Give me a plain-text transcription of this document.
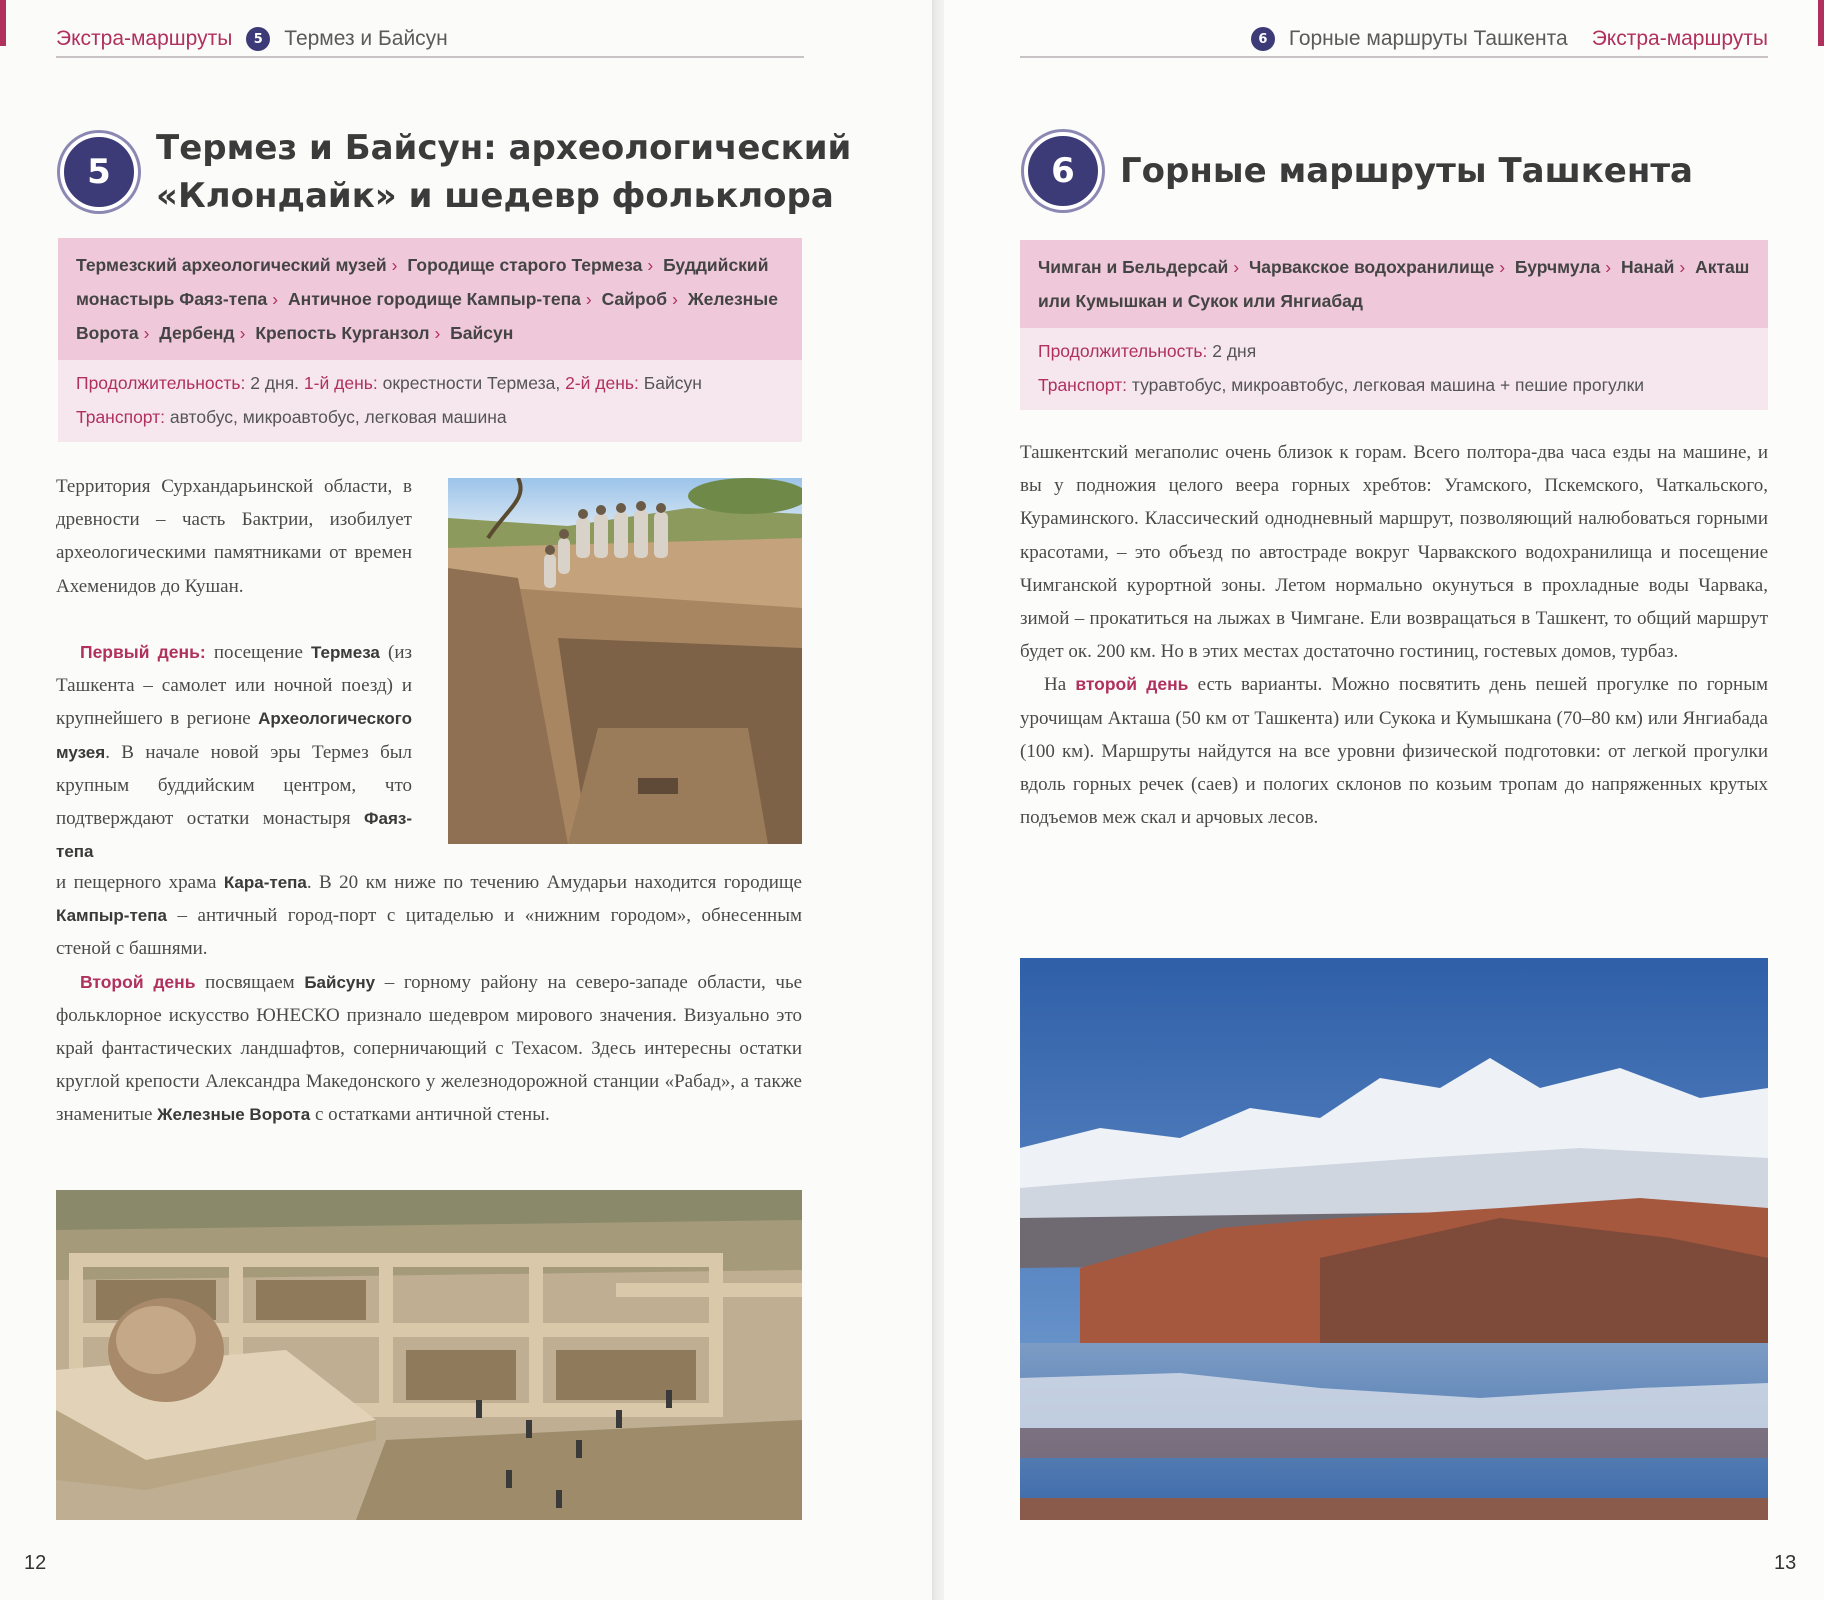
Экстра-маршруты	5	Термез и Байсун
5
Термез и Байсун: археологический
«Клондайк» и шедевр фольклора
Термезский археологический музей › Городище старого Термеза › Буддийский монастырь Фаяз-тепа › Античное городище Кампыр-тепа › Сайроб › Железные Ворота › Дербенд › Крепость Курганзол › Байсун
Продолжительность: 2 дня. 1-й день: окрестности Термеза, 2-й день: Байсун
Транспорт: автобус, микроавтобус, легковая машина

Территория Сурхандарьинской области, в древности – часть Бактрии, изобилует археологическими памятниками от времен Ахеменидов до Кушан.

Первый день: посещение Термеза (из Ташкента – самолет или ночной поезд) и крупнейшего в регионе Археологического музея. В начале новой эры Термез был крупным буддийским центром, что подтверждают остатки монастыря Фаяз-тепа

и пещерного храма Кара-тепа. В 20 км ниже по течению Амударьи находится городище Кампыр-тепа – античный город-порт с цитаделью и «нижним городом», обнесенным стеной с башнями.

Второй день посвящаем Байсуну – горному району на северо-западе области, чье фольклорное искусство ЮНЕСКО признало шедевром мирового значения. Визуально это край фантастических ландшафтов, соперничающий с Техасом. Здесь интересны остатки круглой крепости Александра Македонского у железнодорожной станции «Рабад», а также знаменитые Железные Ворота с остатками античной стены.

12
6	Горные маршруты Ташкента Экстра-маршруты
6	Горные маршруты Ташкента
Чимган и Бельдерсай › Чарвакское водохранилище › Бурчмула › Нанай › Акташ или Кумышкан и Сукок или Янгиабад
Продолжительность: 2 дня
Транспорт: туравтобус, микроавтобус, легковая машина + пешие прогулки

Ташкентский мегаполис очень близок к горам. Всего полтора-два часа езды на машине, и вы у подножия целого веера горных хребтов: Угамского, Пскемского, Чаткальского, Кураминского. Классический однодневный маршрут, позволяющий налюбоваться горными красотами, – это объезд по автостраде вокруг Чарвакского водохранилища и посещение Чимганской курортной зоны. Летом нормально окунуться в прохладные воды Чарвака, зимой – прокатиться на лыжах в Чимгане. Ели возвращаться в Ташкент, то общий маршрут будет ок. 200 км. Но в этих местах достаточно гостиниц, гостевых домов, турбаз.

На второй день есть варианты. Можно посвятить день пешей прогулке по горным урочищам Акташа (50 км от Ташкента) или Сукока и Кумышкана (70–80 км) или Янгиабада (100 км). Маршруты найдутся на все уровни физической подготовки: от легкой прогулки вдоль горных речек (саев) и пологих склонов по козьим тропам до напряженных крутых подъемов меж скал и арчовых лесов.

13
